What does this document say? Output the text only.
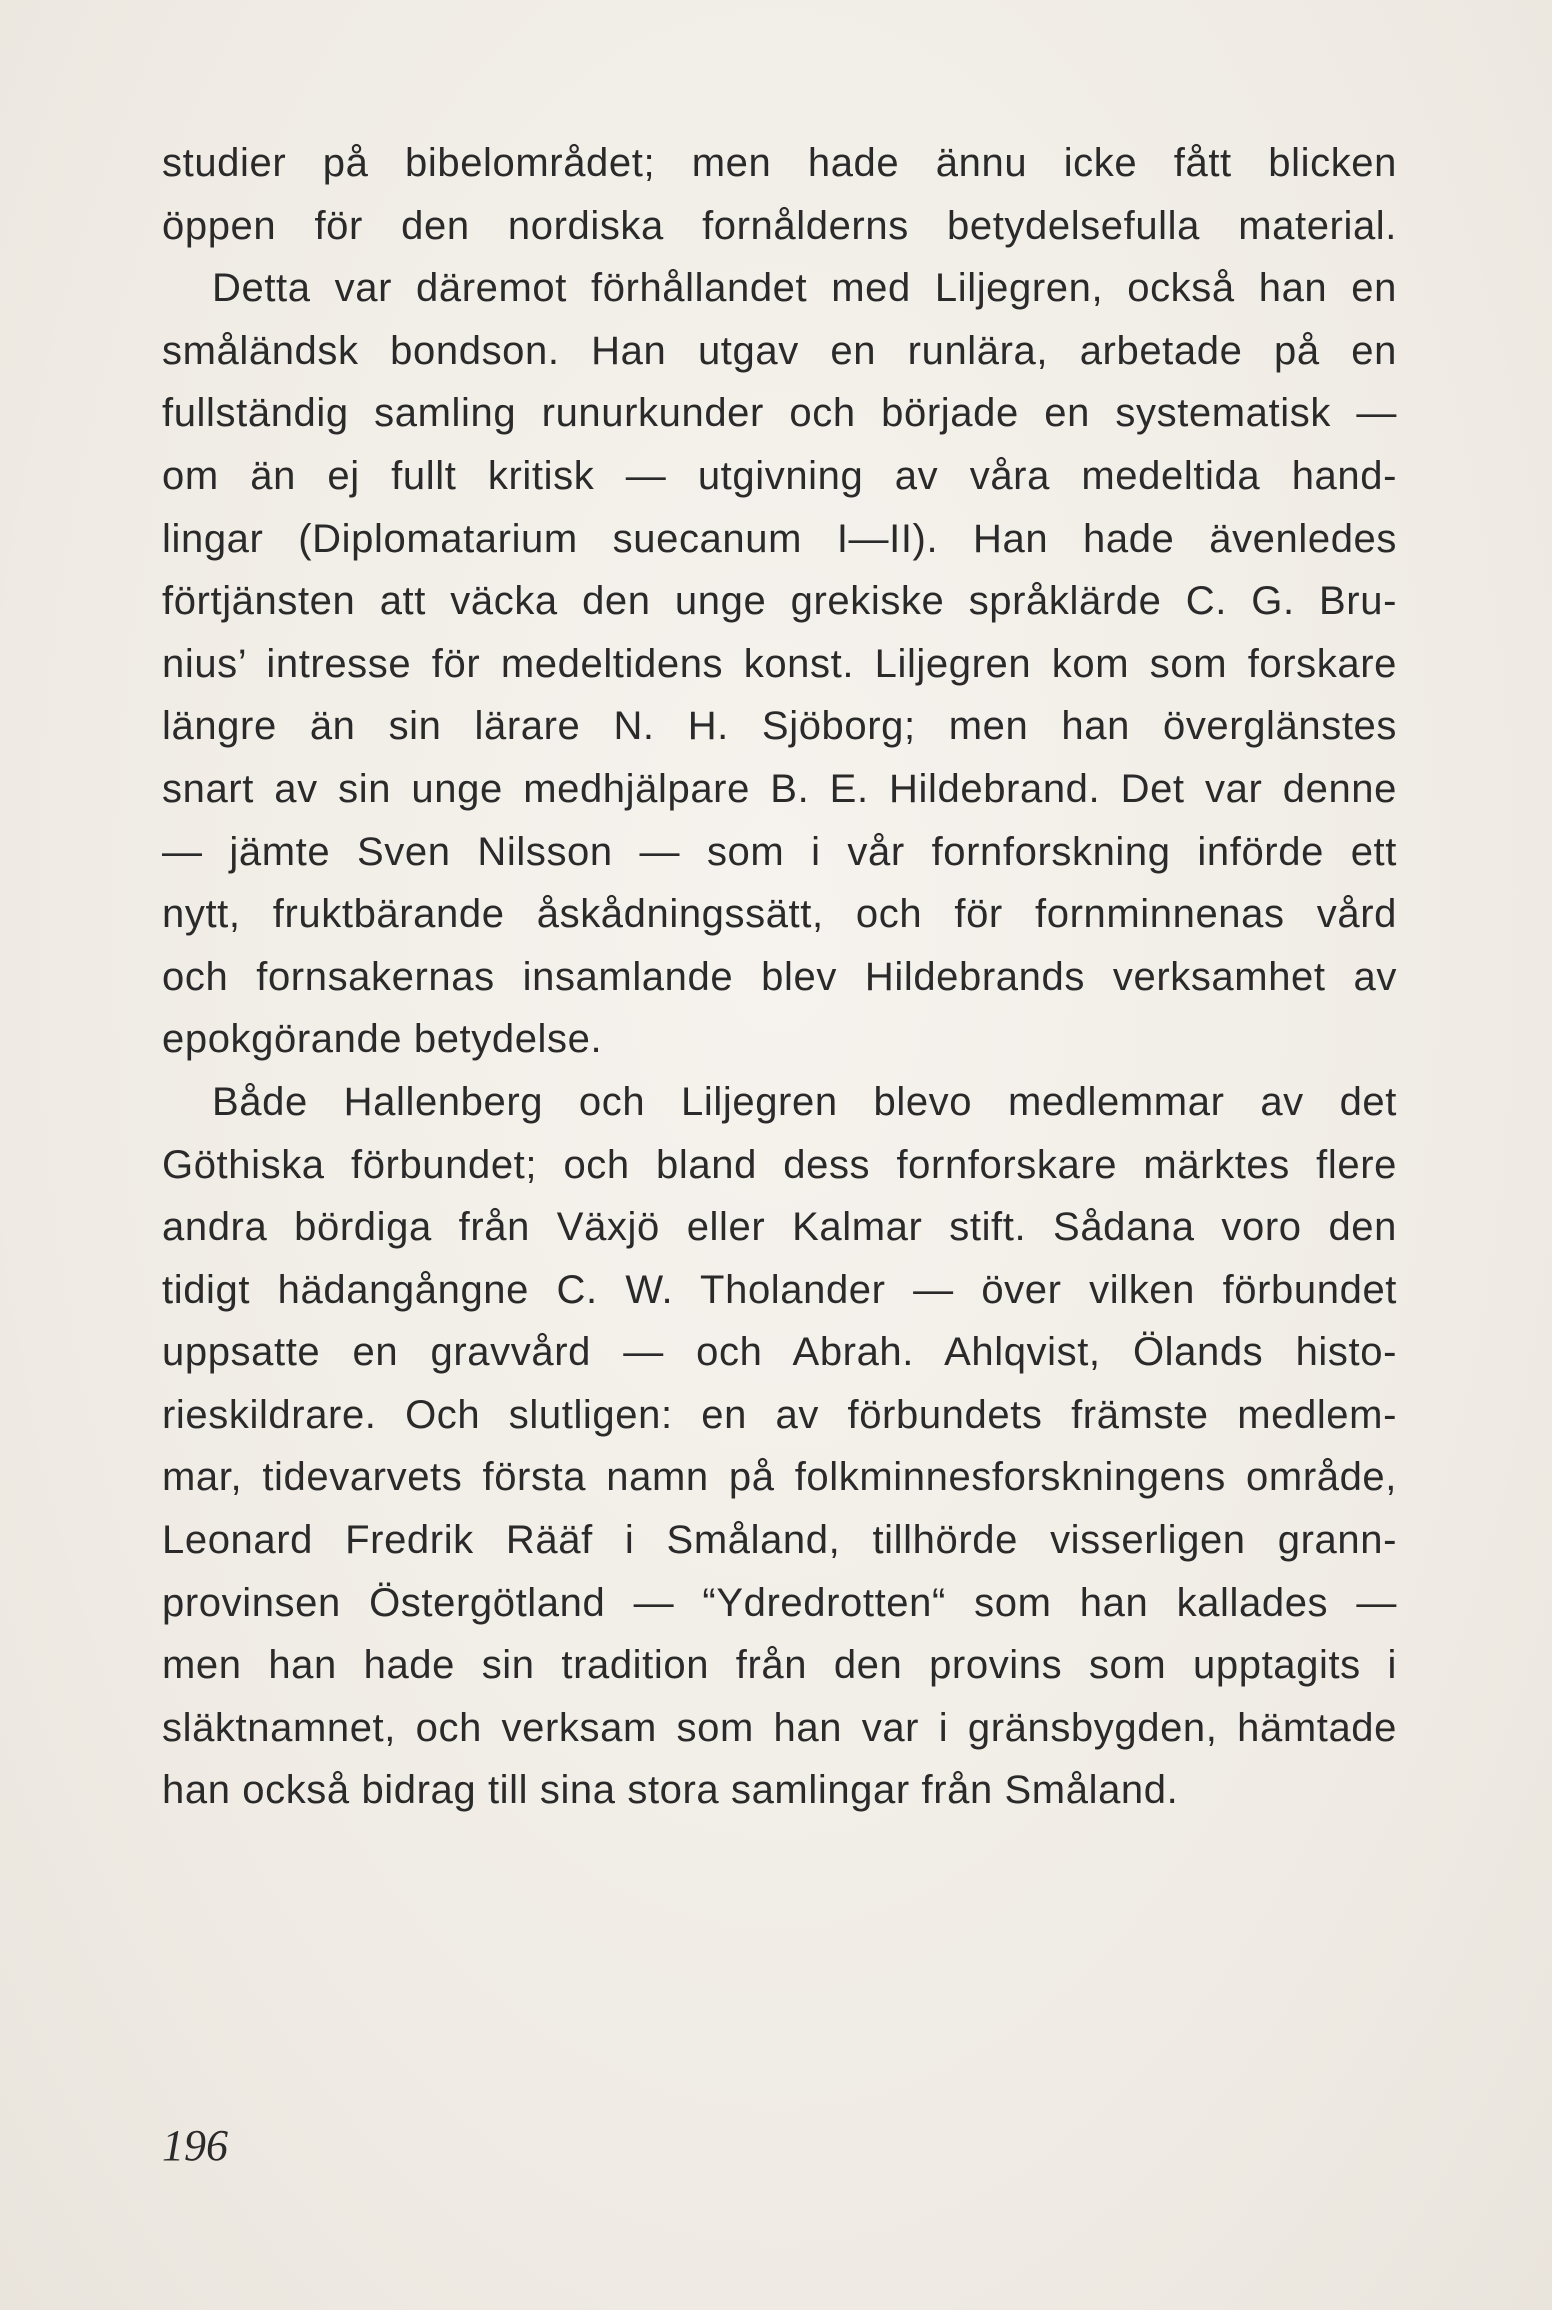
studier på bibelområdet; men hade ännu icke fått blicken
öppen för den nordiska fornålderns betydelsefulla material.
Detta var däremot förhållandet med Liljegren, också han en
småländsk bondson. Han utgav en runlära, arbetade på en
fullständig samling runurkunder och började en systematisk —
om än ej fullt kritisk — utgivning av våra medeltida hand-
lingar (Diplomatarium suecanum I—II). Han hade ävenledes
förtjänsten att väcka den unge grekiske språklärde C. G. Bru-
nius’ intresse för medeltidens konst. Liljegren kom som forskare
längre än sin lärare N. H. Sjöborg; men han överglänstes
snart av sin unge medhjälpare B. E. Hildebrand. Det var denne
— jämte Sven Nilsson — som i vår fornforskning införde ett
nytt, fruktbärande åskådningssätt, och för fornminnenas vård
och fornsakernas insamlande blev Hildebrands verksamhet av
epokgörande betydelse.
Både Hallenberg och Liljegren blevo medlemmar av det
Göthiska förbundet; och bland dess fornforskare märktes flere
andra bördiga från Växjö eller Kalmar stift. Sådana voro den
tidigt hädangångne C. W. Tholander — över vilken förbundet
uppsatte en gravvård — och Abrah. Ahlqvist, Ölands histo-
rieskildrare. Och slutligen: en av förbundets främste medlem-
mar, tidevarvets första namn på folkminnesforskningens område,
Leonard Fredrik Rääf i Småland, tillhörde visserligen grann-
provinsen Östergötland — “Ydredrotten“ som han kallades —
men han hade sin tradition från den provins som upptagits i
släktnamnet, och verksam som han var i gränsbygden, hämtade
han också bidrag till sina stora samlingar från Småland.
196
